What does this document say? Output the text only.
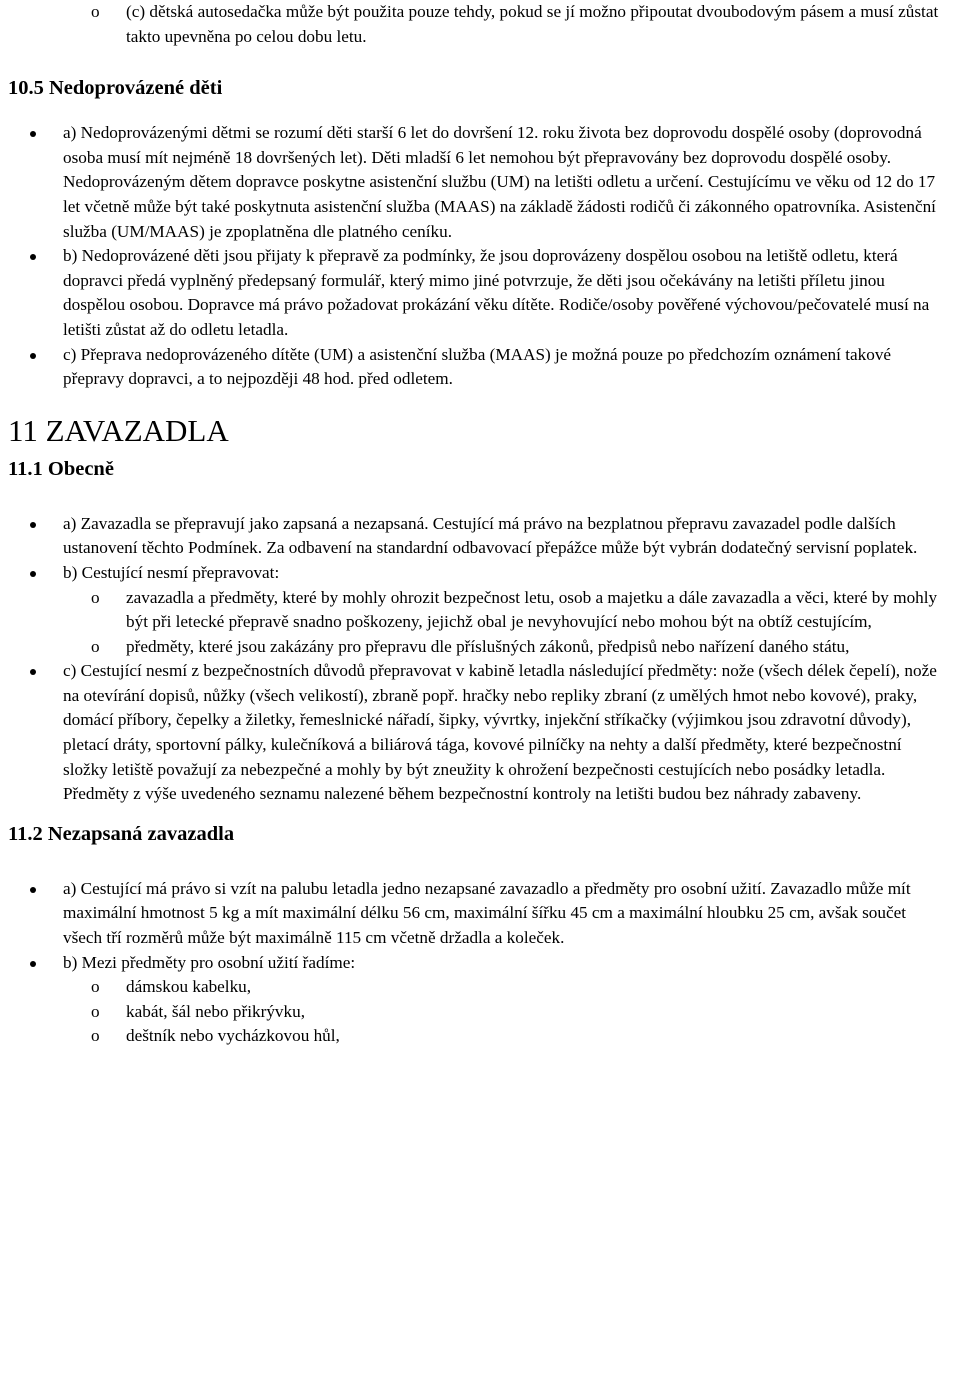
o (c) dětská autosedačka může být použita pouze tehdy, pokud se jí možno připoutat dvoubodovým pásem a musí zůstat takto upevněna po celou dobu letu.

10.5 Nedoprovázené děti

a) Nedoprovázenými dětmi se rozumí děti starší 6 let do dovršení 12. roku života bez doprovodu dospělé osoby (doprovodná osoba musí mít nejméně 18 dovršených let). Děti mladší 6 let nemohou být přepravovány bez doprovodu dospělé osoby. Nedoprovázeným dětem dopravce poskytne asistenční službu (UM) na letišti odletu a určení. Cestujícímu ve věku od 12 do 17 let včetně může být také poskytnuta asistenční služba (MAAS) na základě žádosti rodičů či zákonného opatrovníka. Asistenční služba (UM/MAAS) je zpoplatněna dle platného ceníku.

b) Nedoprovázené děti jsou přijaty k přepravě za podmínky, že jsou doprovázeny dospělou osobou na letiště odletu, která dopravci předá vyplněný předepsaný formulář, který mimo jiné potvrzuje, že děti jsou očekávány na letišti příletu jinou dospělou osobou. Dopravce má právo požadovat prokázání věku dítěte. Rodiče/osoby pověřené výchovou/pečovatelé musí na letišti zůstat až do odletu letadla.

c) Přeprava nedoprovázeného dítěte (UM) a asistenční služba (MAAS) je možná pouze po předchozím oznámení takové přepravy dopravci, a to nejpozději 48 hod. před odletem.

11 ZAVAZADLA

11.1 Obecně

a) Zavazadla se přepravují jako zapsaná a nezapsaná. Cestující má právo na bezplatnou přepravu zavazadel podle dalších ustanovení těchto Podmínek. Za odbavení na standardní odbavovací přepážce může být vybrán dodatečný servisní poplatek.

b) Cestující nesmí přepravovat:

o zavazadla a předměty, které by mohly ohrozit bezpečnost letu, osob a majetku a dále zavazadla a věci, které by mohly být při letecké přepravě snadno poškozeny, jejichž obal je nevyhovující nebo mohou být na obtíž cestujícím,

o předměty, které jsou zakázány pro přepravu dle příslušných zákonů, předpisů nebo nařízení daného státu,

c) Cestující nesmí z bezpečnostních důvodů přepravovat v kabině letadla následující předměty: nože (všech délek čepelí), nože na otevírání dopisů, nůžky (všech velikostí), zbraně popř. hračky nebo repliky zbraní (z umělých hmot nebo kovové), praky, domácí příbory, čepelky a žiletky, řemeslnické nářadí, šipky, vývrtky, injekční stříkačky (výjimkou jsou zdravotní důvody), pletací dráty, sportovní pálky, kulečníková a biliárová tága, kovové pilníčky na nehty a další předměty, které bezpečnostní složky letiště považují za nebezpečné a mohly by být zneužity k ohrožení bezpečnosti cestujících nebo posádky letadla. Předměty z výše uvedeného seznamu nalezené během bezpečnostní kontroly na letišti budou bez náhrady zabaveny.

11.2 Nezapsaná zavazadla

a) Cestující má právo si vzít na palubu letadla jedno nezapsané zavazadlo a předměty pro osobní užití. Zavazadlo může mít maximální hmotnost 5 kg a mít maximální délku 56 cm, maximální šířku 45 cm a maximální hloubku 25 cm, avšak součet všech tří rozměrů může být maximálně 115 cm včetně držadla a koleček.

b) Mezi předměty pro osobní užití řadíme:

o dámskou kabelku,

o kabát, šál nebo přikrývku,

o deštník nebo vycházkovou hůl,
